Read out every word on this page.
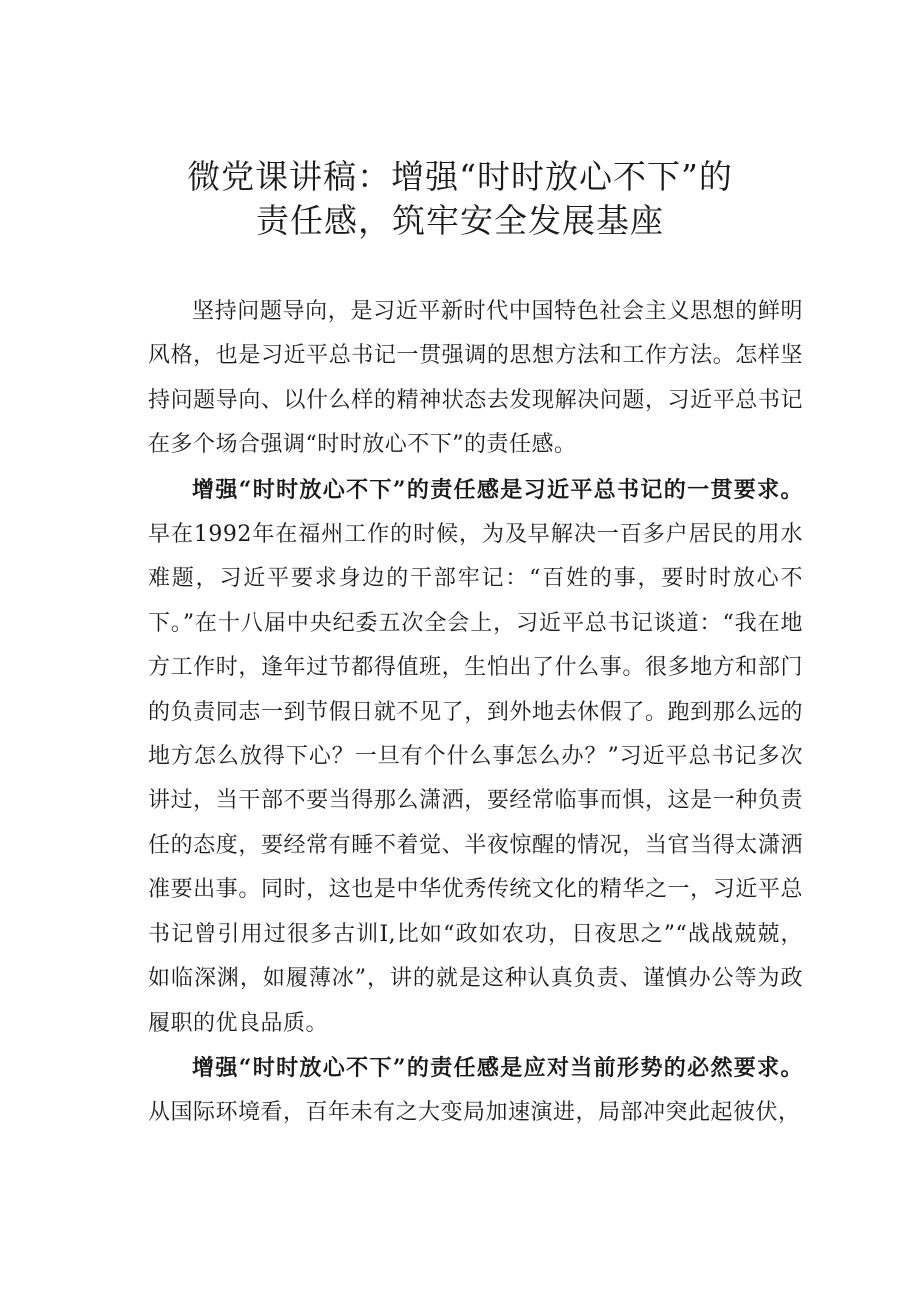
微党课讲稿：增强“时时放心不下”的
责任感，筑牢安全发展基座

坚持问题导向，是习近平新时代中国特色社会主义思想的鲜明风格，也是习近平总书记一贯强调的思想方法和工作方法。怎样坚持问题导向、以什么样的精神状态去发现解决问题，习近平总书记在多个场合强调“时时放心不下”的责任感。

增强“时时放心不下”的责任感是习近平总书记的一贯要求。早在1992年在福州工作的时候，为及早解决一百多户居民的用水难题，习近平要求身边的干部牢记：“百姓的事，要时时放心不下。”在十八届中央纪委五次全会上，习近平总书记谈道：“我在地方工作时，逢年过节都得值班，生怕出了什么事。很多地方和部门的负责同志一到节假日就不见了，到外地去休假了。跑到那么远的地方怎么放得下心？一旦有个什么事怎么办？”习近平总书记多次讲过，当干部不要当得那么潇洒，要经常临事而惧，这是一种负责任的态度，要经常有睡不着觉、半夜惊醒的情况，当官当得太潇洒准要出事。同时，这也是中华优秀传统文化的精华之一，习近平总书记曾引用过很多古训I,比如“政如农功，日夜思之”“战战兢兢，如临深渊，如履薄冰”，讲的就是这种认真负责、谨慎办公等为政履职的优良品质。

增强“时时放心不下”的责任感是应对当前形势的必然要求。从国际环境看，百年未有之大变局加速演进，局部冲突此起彼伏，
